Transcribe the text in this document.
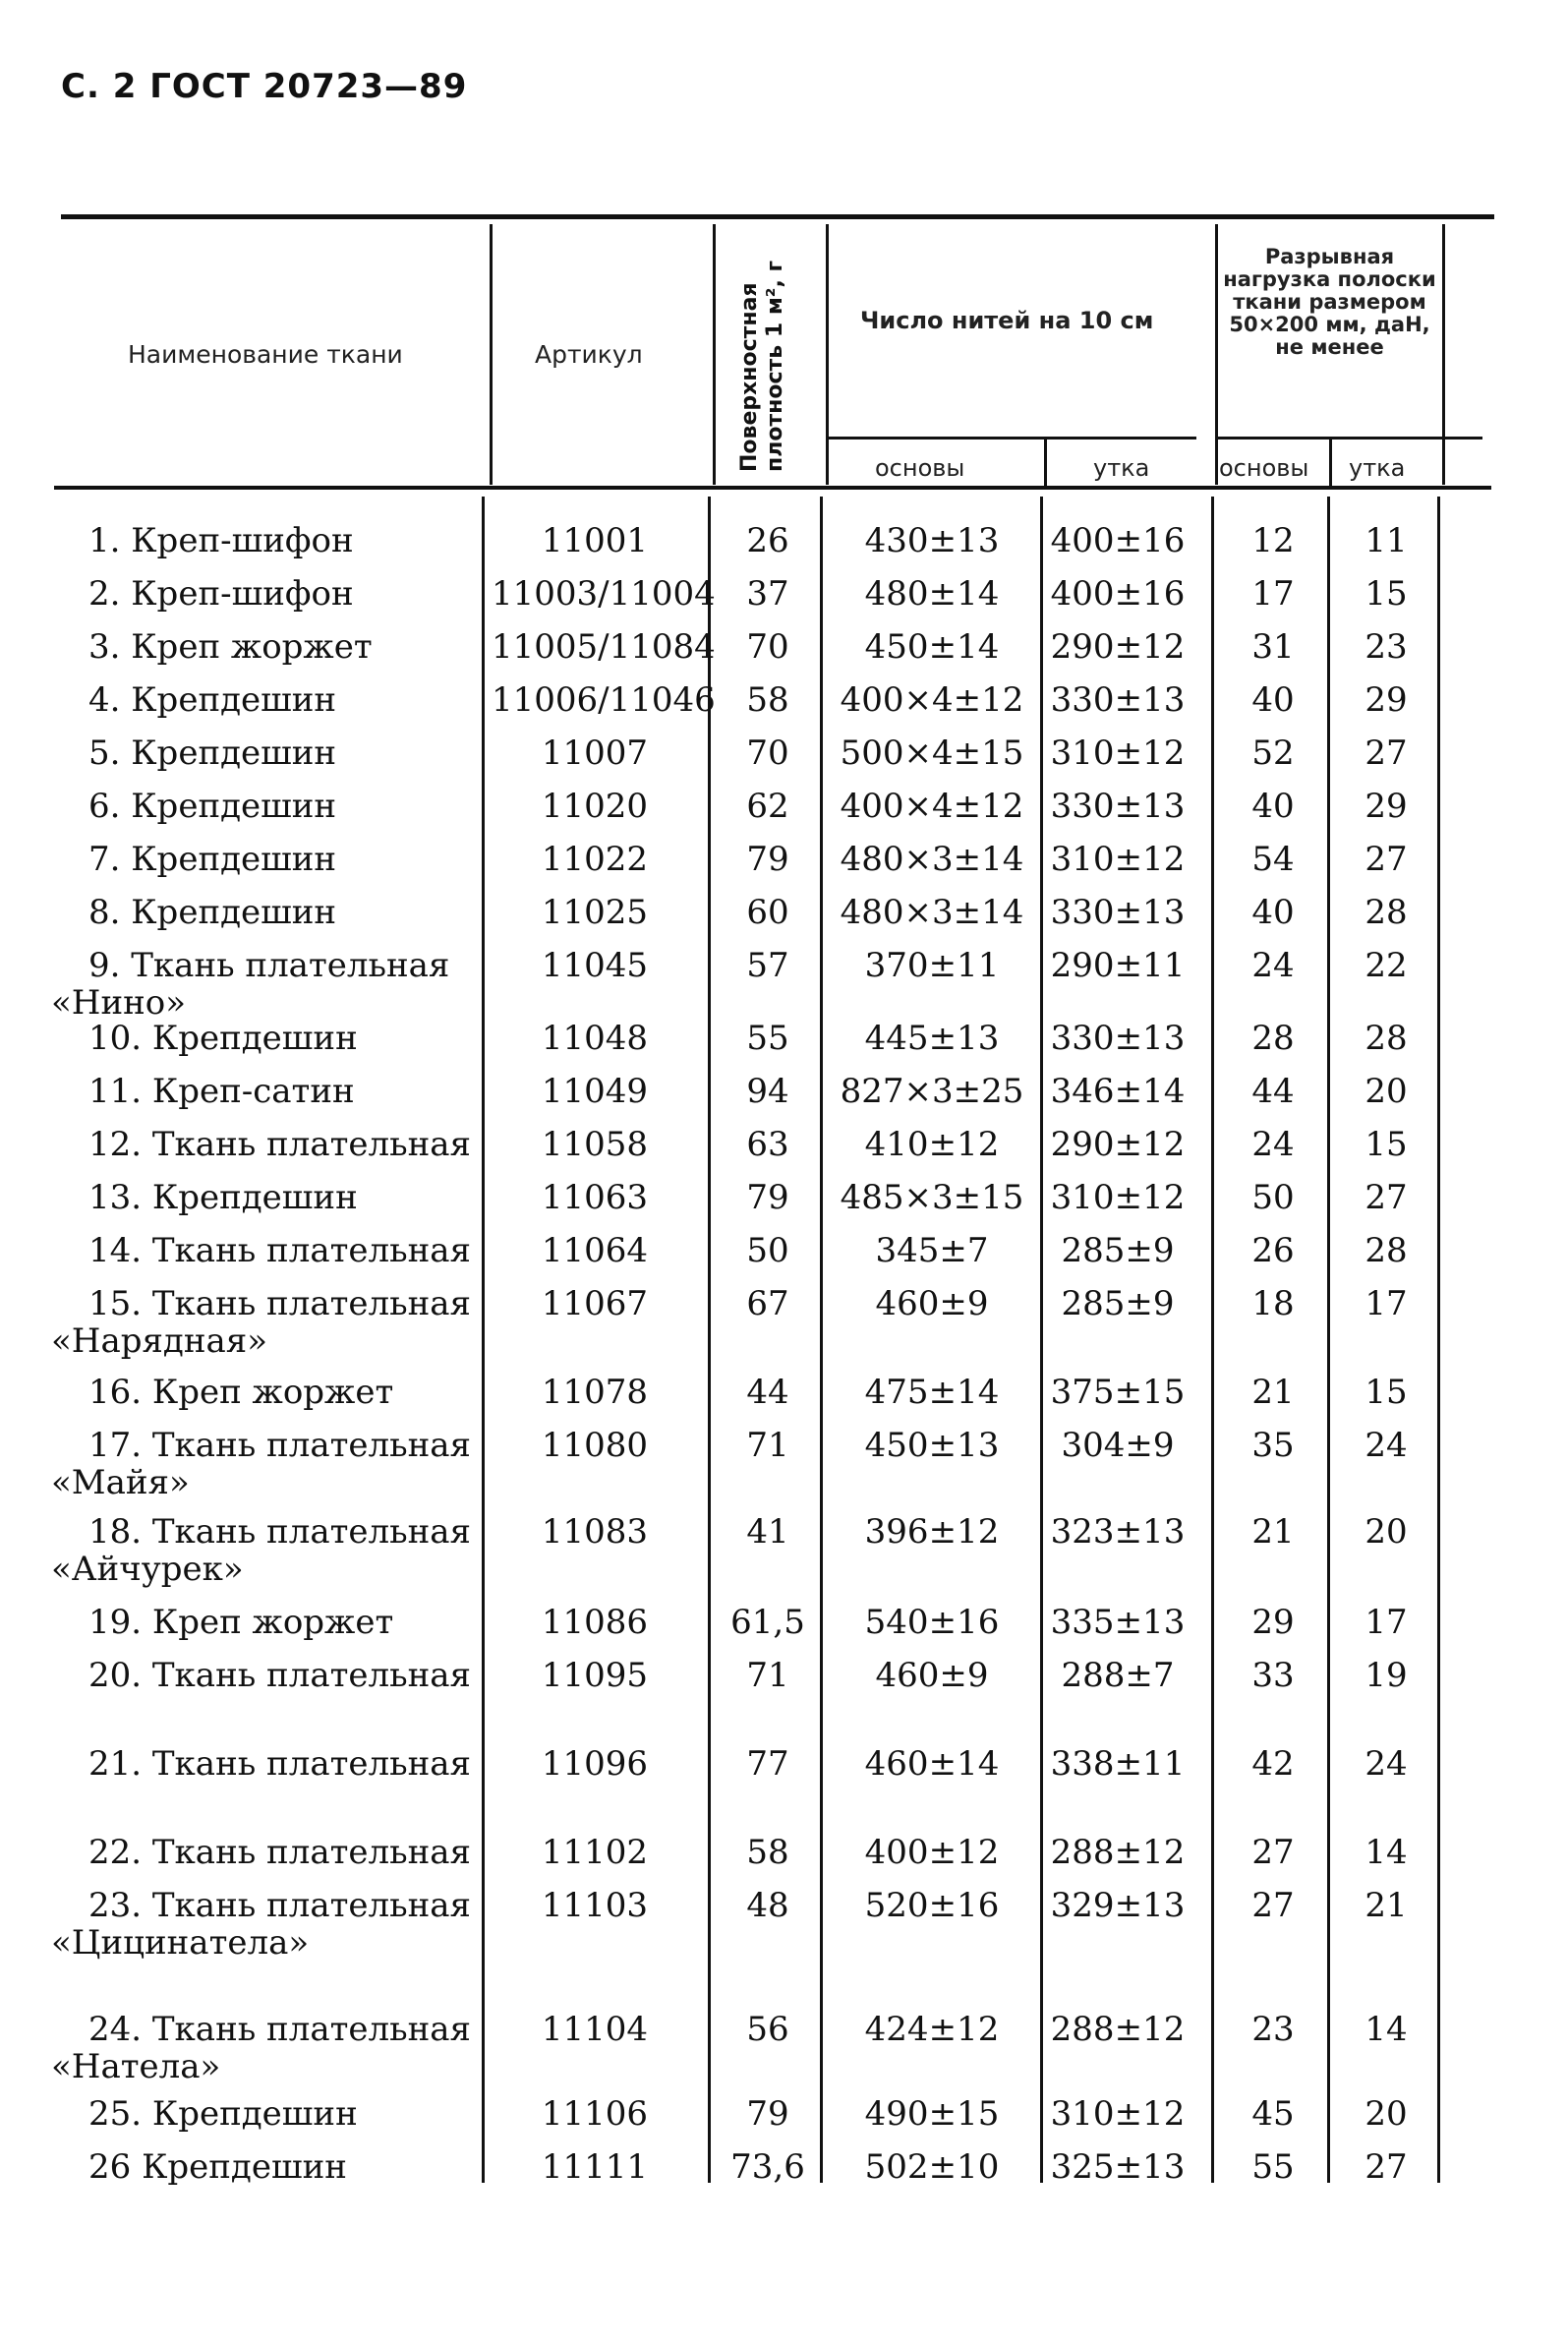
С. 2 ГОСТ 20723—89
Наименование ткани	Артикул	Поверхностная плотность 1 м², г	Число нитей на 10 см
Разрывная нагрузка полоски ткани размером 50×200 мм, даН, не менее
основы	утка	основы утка
1. Креп-шифон	11001	26	430±13	400±16	12	11
2. Креп-шифон	11003/11004 37	480±14	400±16	17	15
3. Креп жоржет	11005/11084 70	450±14	290±12	31	23
4. Крепдешин	11006/11046 58	400×4±12 330±13	40	29
5. Крепдешин	11007	70	500×4±15 310±12	52	27
6. Крепдешин	11020	62	400×4±12 330±13	40	29
7. Крепдешин	11022	79	480×3±14 310±12	54	27
8. Крепдешин	11025	60	480×3±14 330±13	40	28
9. Ткань плательная	11045	57	370±11	290±11	24	22
«Нино»
10. Крепдешин	11048	55	445±13	330±13	28	28
11. Креп-сатин	11049	94	827×3±25 346±14	44	20
12. Ткань плательная	11058	63	410±12	290±12	24	15
13. Крепдешин	11063	79	485×3±15 310±12	50	27
14. Ткань плательная	11064	50	345±7	285±9	26	28
15. Ткань плательная	11067	67	460±9	285±9	18	17
«Нарядная»
16. Креп жоржет	11078	44	475±14	375±15	21	15
17. Ткань плательная	11080	71	450±13	304±9	35	24
«Майя»
18. Ткань плательная	11083	41	396±12	323±13	21	20
«Айчурек»
19. Креп жоржет	11086	61,5	540±16	335±13	29	17
20. Ткань плательная	11095	71	460±9	288±7	33	19
21. Ткань плательная	11096	77	460±14	338±11	42	24
22. Ткань плательная	11102	58	400±12	288±12	27	14
23. Ткань плательная	11103	48	520±16	329±13	27	21
«Цицинатела»
24. Ткань плательная	11104	56	424±12	288±12	23	14
«Натела»
25. Крепдешин	11106	79	490±15	310±12	45	20
26 Крепдешин	11111	73,6	502±10	325±13	55	27
